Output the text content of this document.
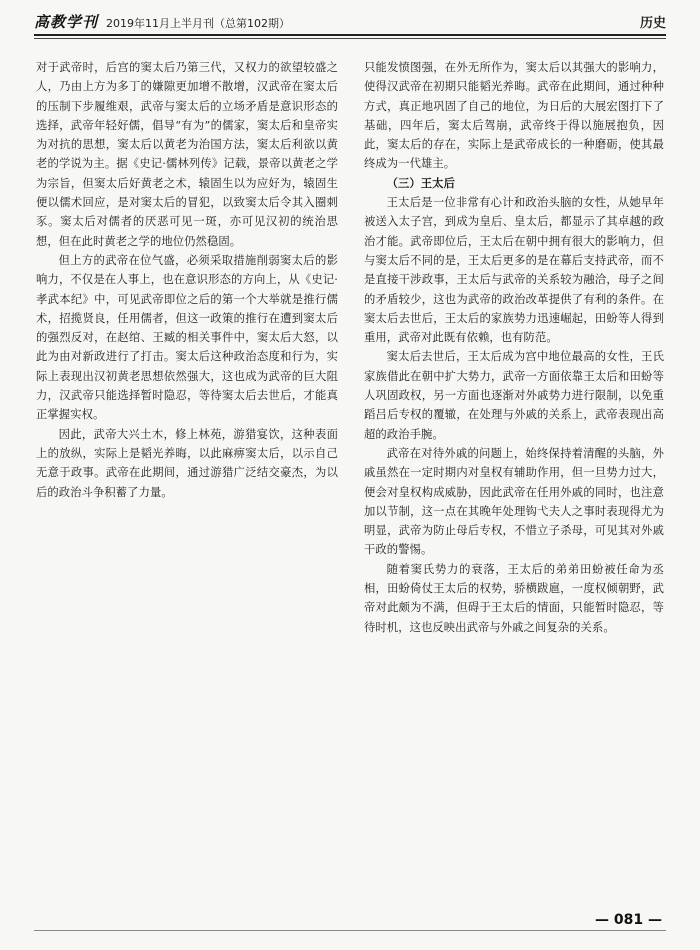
高教学刊 2019年11月上半月刊（总第102期）	历史

对于武帝时，后宫的窦太后乃第三代，又权力的欲望较盛之人，乃由上方为多丁的嫌隙更加增不散增，汉武帝在窦太后的压制下步履维艰，武帝与窦太后的立场矛盾是意识形态的选择，武帝年轻好儒，倡导“有为”的儒家，窦太后和皇帝实为对抗的思想，窦太后以黄老为治国方法，窦太后利欲以黄老的学说为主。据《史记·儒林列传》记载，景帝以黄老之学为宗旨，但窦太后好黄老之术，辕固生以为应好为，辕固生便以儒术回应，是对窦太后的冒犯，以致窦太后令其入圈刺豕。窦太后对儒者的厌恶可见一斑，亦可见汉初的统治思想，但在此时黄老之学的地位仍然稳固。

但上方的武帝在位气盛，必须采取措施削弱窦太后的影响力，不仅是在人事上，也在意识形态的方向上，从《史记·孝武本纪》中，可见武帝即位之后的第一个大举就是推行儒术，招揽贤良，任用儒者，但这一政策的推行在遭到窦太后的强烈反对，在赵绾、王臧的相关事件中，窦太后大怒，以此为由对新政进行了打击。窦太后这种政治态度和行为，实际上表现出汉初黄老思想依然强大，这也成为武帝的巨大阻力，汉武帝只能选择暂时隐忍，等待窦太后去世后，才能真正掌握实权。

因此，武帝大兴土木，修上林苑，游猎宴饮，这种表面上的放纵，实际上是韬光养晦，以此麻痹窦太后，以示自己无意于政事。武帝在此期间，通过游猎广泛结交豪杰，为以后的政治斗争积蓄了力量。

只能发愤图强，在外无所作为，窦太后以其强大的影响力，使得汉武帝在初期只能韬光养晦。武帝在此期间，通过种种方式，真正地巩固了自己的地位，为日后的大展宏图打下了基础，四年后，窦太后驾崩，武帝终于得以施展抱负，因此，窦太后的存在，实际上是武帝成长的一种磨砺，使其最终成为一代雄主。

（三）王太后

王太后是一位非常有心计和政治头脑的女性，从她早年被送入太子宫，到成为皇后、皇太后，都显示了其卓越的政治才能。武帝即位后，王太后在朝中拥有很大的影响力，但与窦太后不同的是，王太后更多的是在幕后支持武帝，而不是直接干涉政事，王太后与武帝的关系较为融洽，母子之间的矛盾较少，这也为武帝的政治改革提供了有利的条件。在窦太后去世后，王太后的家族势力迅速崛起，田蚡等人得到重用，武帝对此既有依赖，也有防范。

窦太后去世后，王太后成为宫中地位最高的女性，王氏家族借此在朝中扩大势力，武帝一方面依靠王太后和田蚡等人巩固政权，另一方面也逐渐对外戚势力进行限制，以免重蹈吕后专权的覆辙，在处理与外戚的关系上，武帝表现出高超的政治手腕。

武帝在对待外戚的问题上，始终保持着清醒的头脑，外戚虽然在一定时期内对皇权有辅助作用，但一旦势力过大，便会对皇权构成威胁，因此武帝在任用外戚的同时，也注意加以节制，这一点在其晚年处理钩弋夫人之事时表现得尤为明显，武帝为防止母后专权，不惜立子杀母，可见其对外戚干政的警惕。

随着窦氏势力的衰落，王太后的弟弟田蚡被任命为丞相，田蚡倚仗王太后的权势，骄横跋扈，一度权倾朝野，武帝对此颇为不满，但碍于王太后的情面，只能暂时隐忍，等待时机，这也反映出武帝与外戚之间复杂的关系。

— 081 —
